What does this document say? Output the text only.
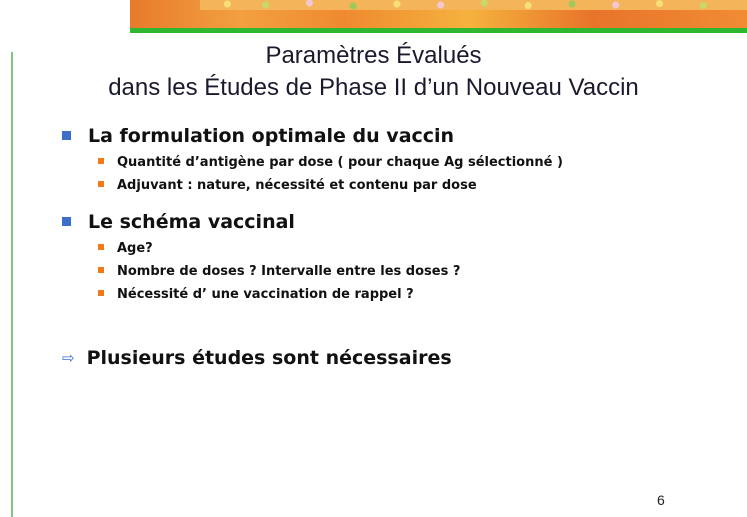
Paramètres Évalués
dans les Études de Phase II d’un Nouveau Vaccin
La formulation optimale du vaccin
Quantité d’antigène par dose ( pour chaque Ag sélectionné )
Adjuvant : nature, nécessité et contenu par dose
Le schéma vaccinal
Age?
Nombre de doses ? Intervalle entre les doses ?
Nécessité d’ une vaccination de rappel ?
⇨ Plusieurs études sont nécessaires
6
